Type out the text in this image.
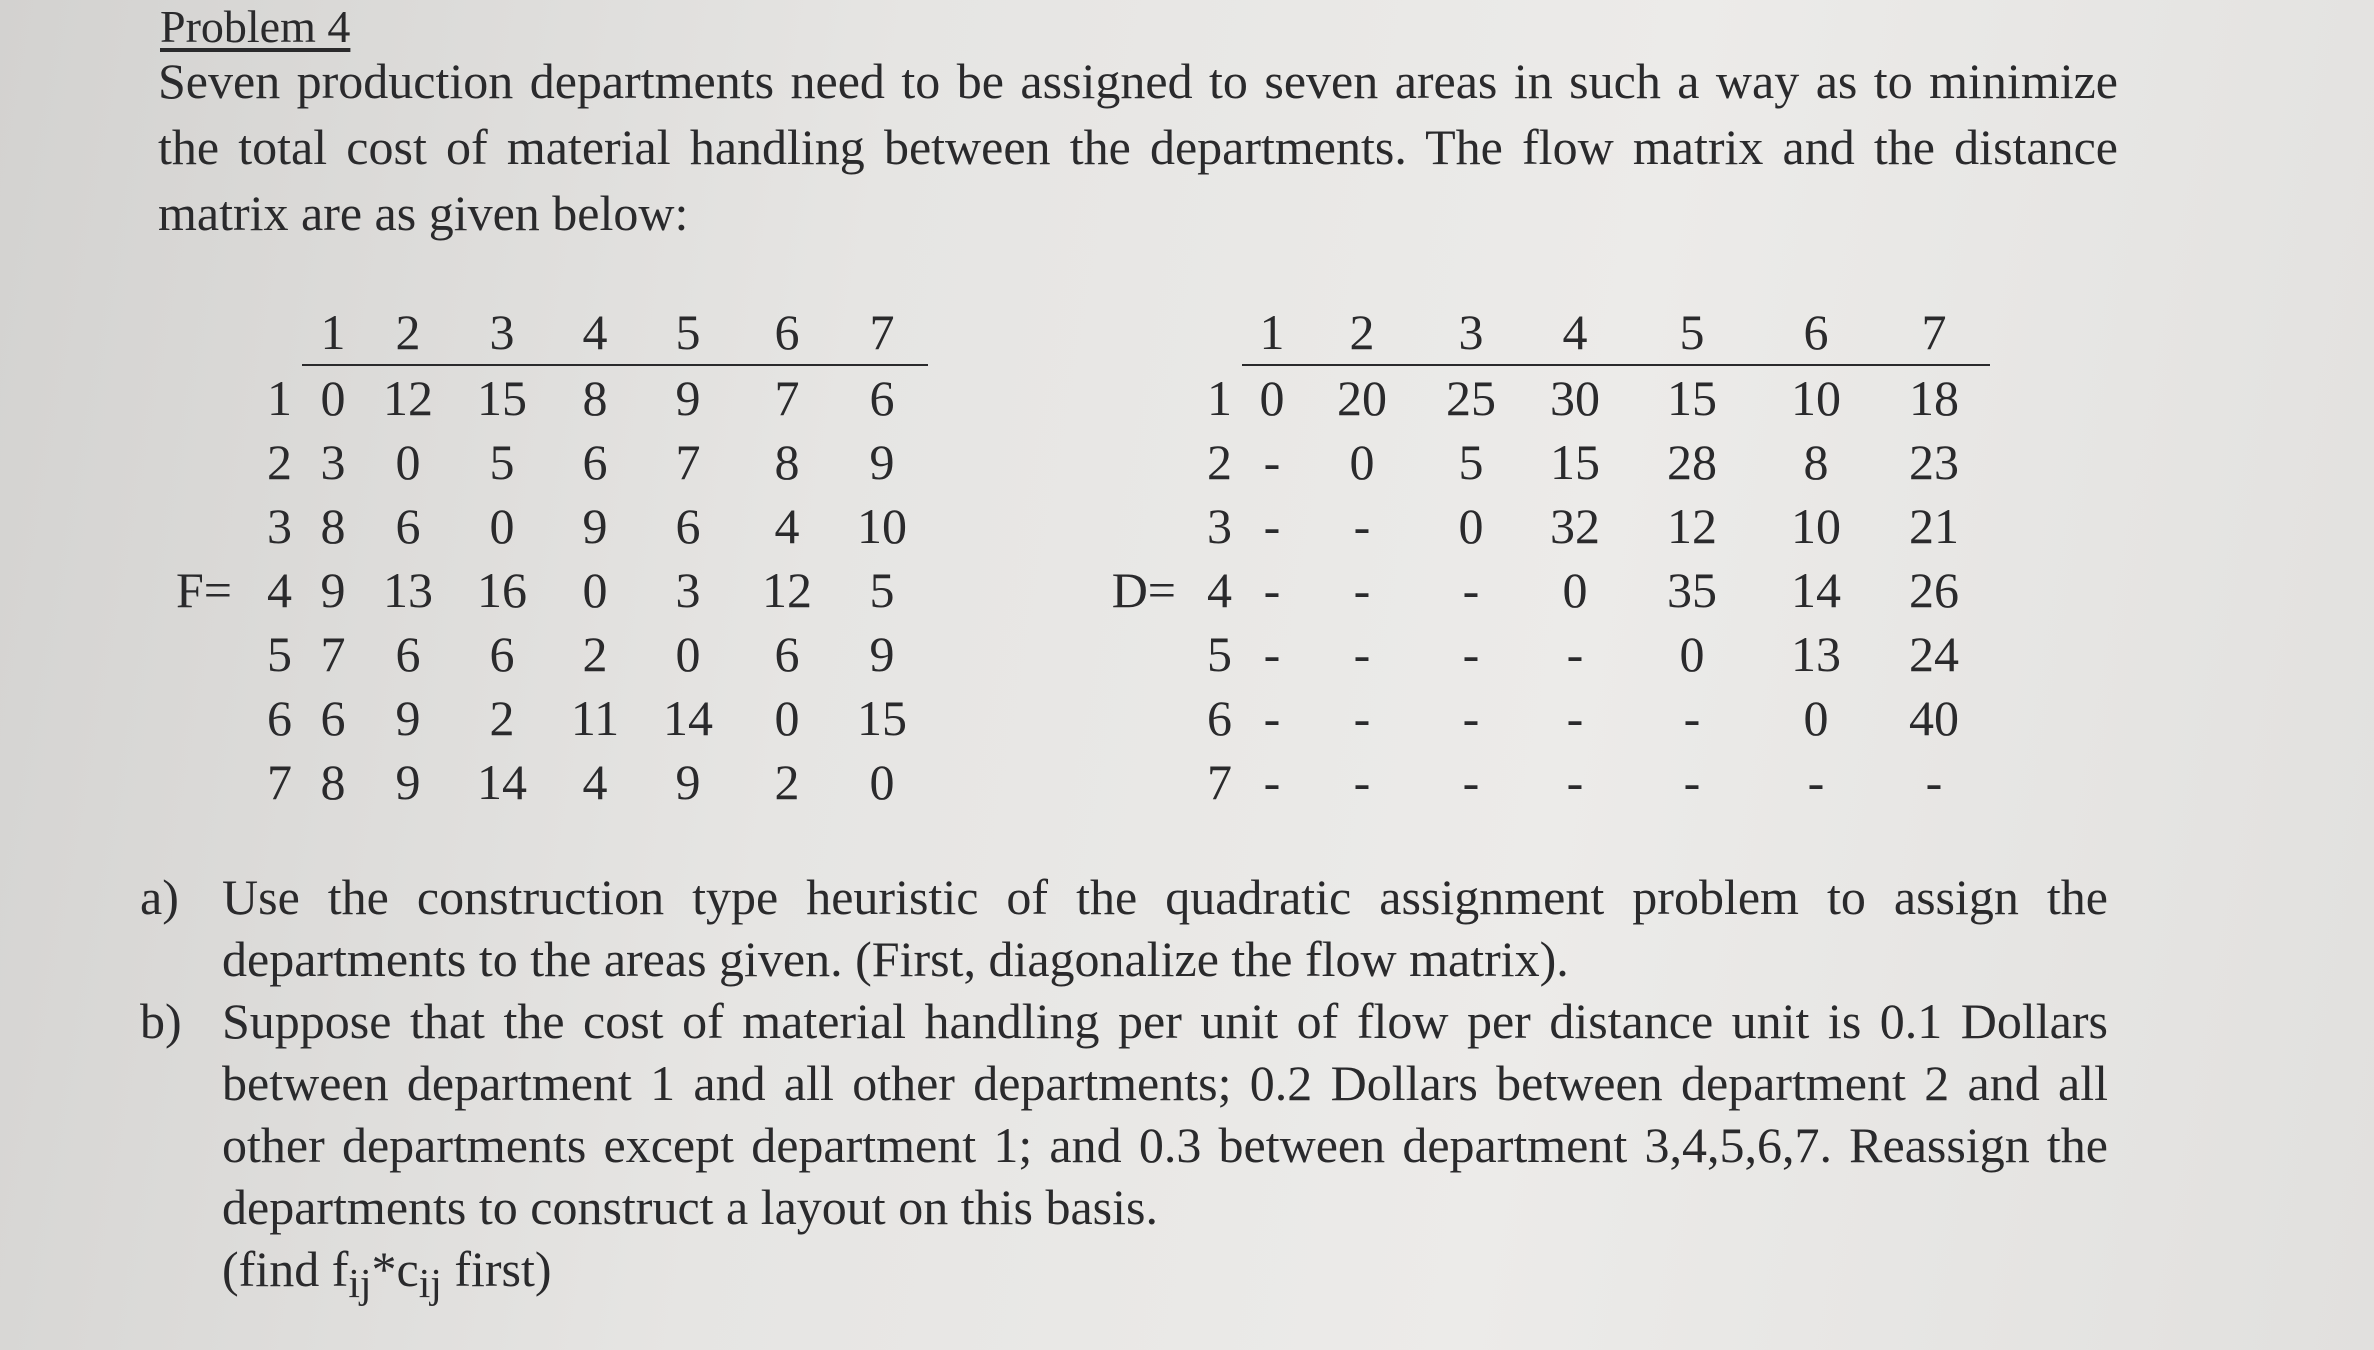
Problem 4
Seven production departments need to be assigned to seven areas in such a way as to minimize the total cost of material handling between the departments. The flow matrix and the distance matrix are as given below:
		1	2	3	4	5	6	7
	1	0	12	15	8	9	7	6
	2	3	0	5	6	7	8	9
	3	8	6	0	9	6	4	10
F=	4	9	13	16	0	3	12	5
	5	7	6	6	2	0	6	9
	6	6	9	2	11	14	0	15
	7	8	9	14	4	9	2	0
		1	2	3	4	5	6	7
	1	0	20	25	30	15	10	18
	2	-	0	5	15	28	8	23
	3	-	-	0	32	12	10	21
D=	4	-	-	-	0	35	14	26
	5	-	-	-	-	0	13	24
	6	-	-	-	-	-	0	40
	7	-	-	-	-	-	-	-
a) Use the construction type heuristic of the quadratic assignment problem to assign the departments to the areas given. (First, diagonalize the flow matrix).
b) Suppose that the cost of material handling per unit of flow per distance unit is 0.1 Dollars between department 1 and all other departments; 0.2 Dollars between department 2 and all other departments except department 1; and 0.3 between department 3,4,5,6,7. Reassign the departments to construct a layout on this basis.
(find $f_{ij}*c_{ij}$ first)
